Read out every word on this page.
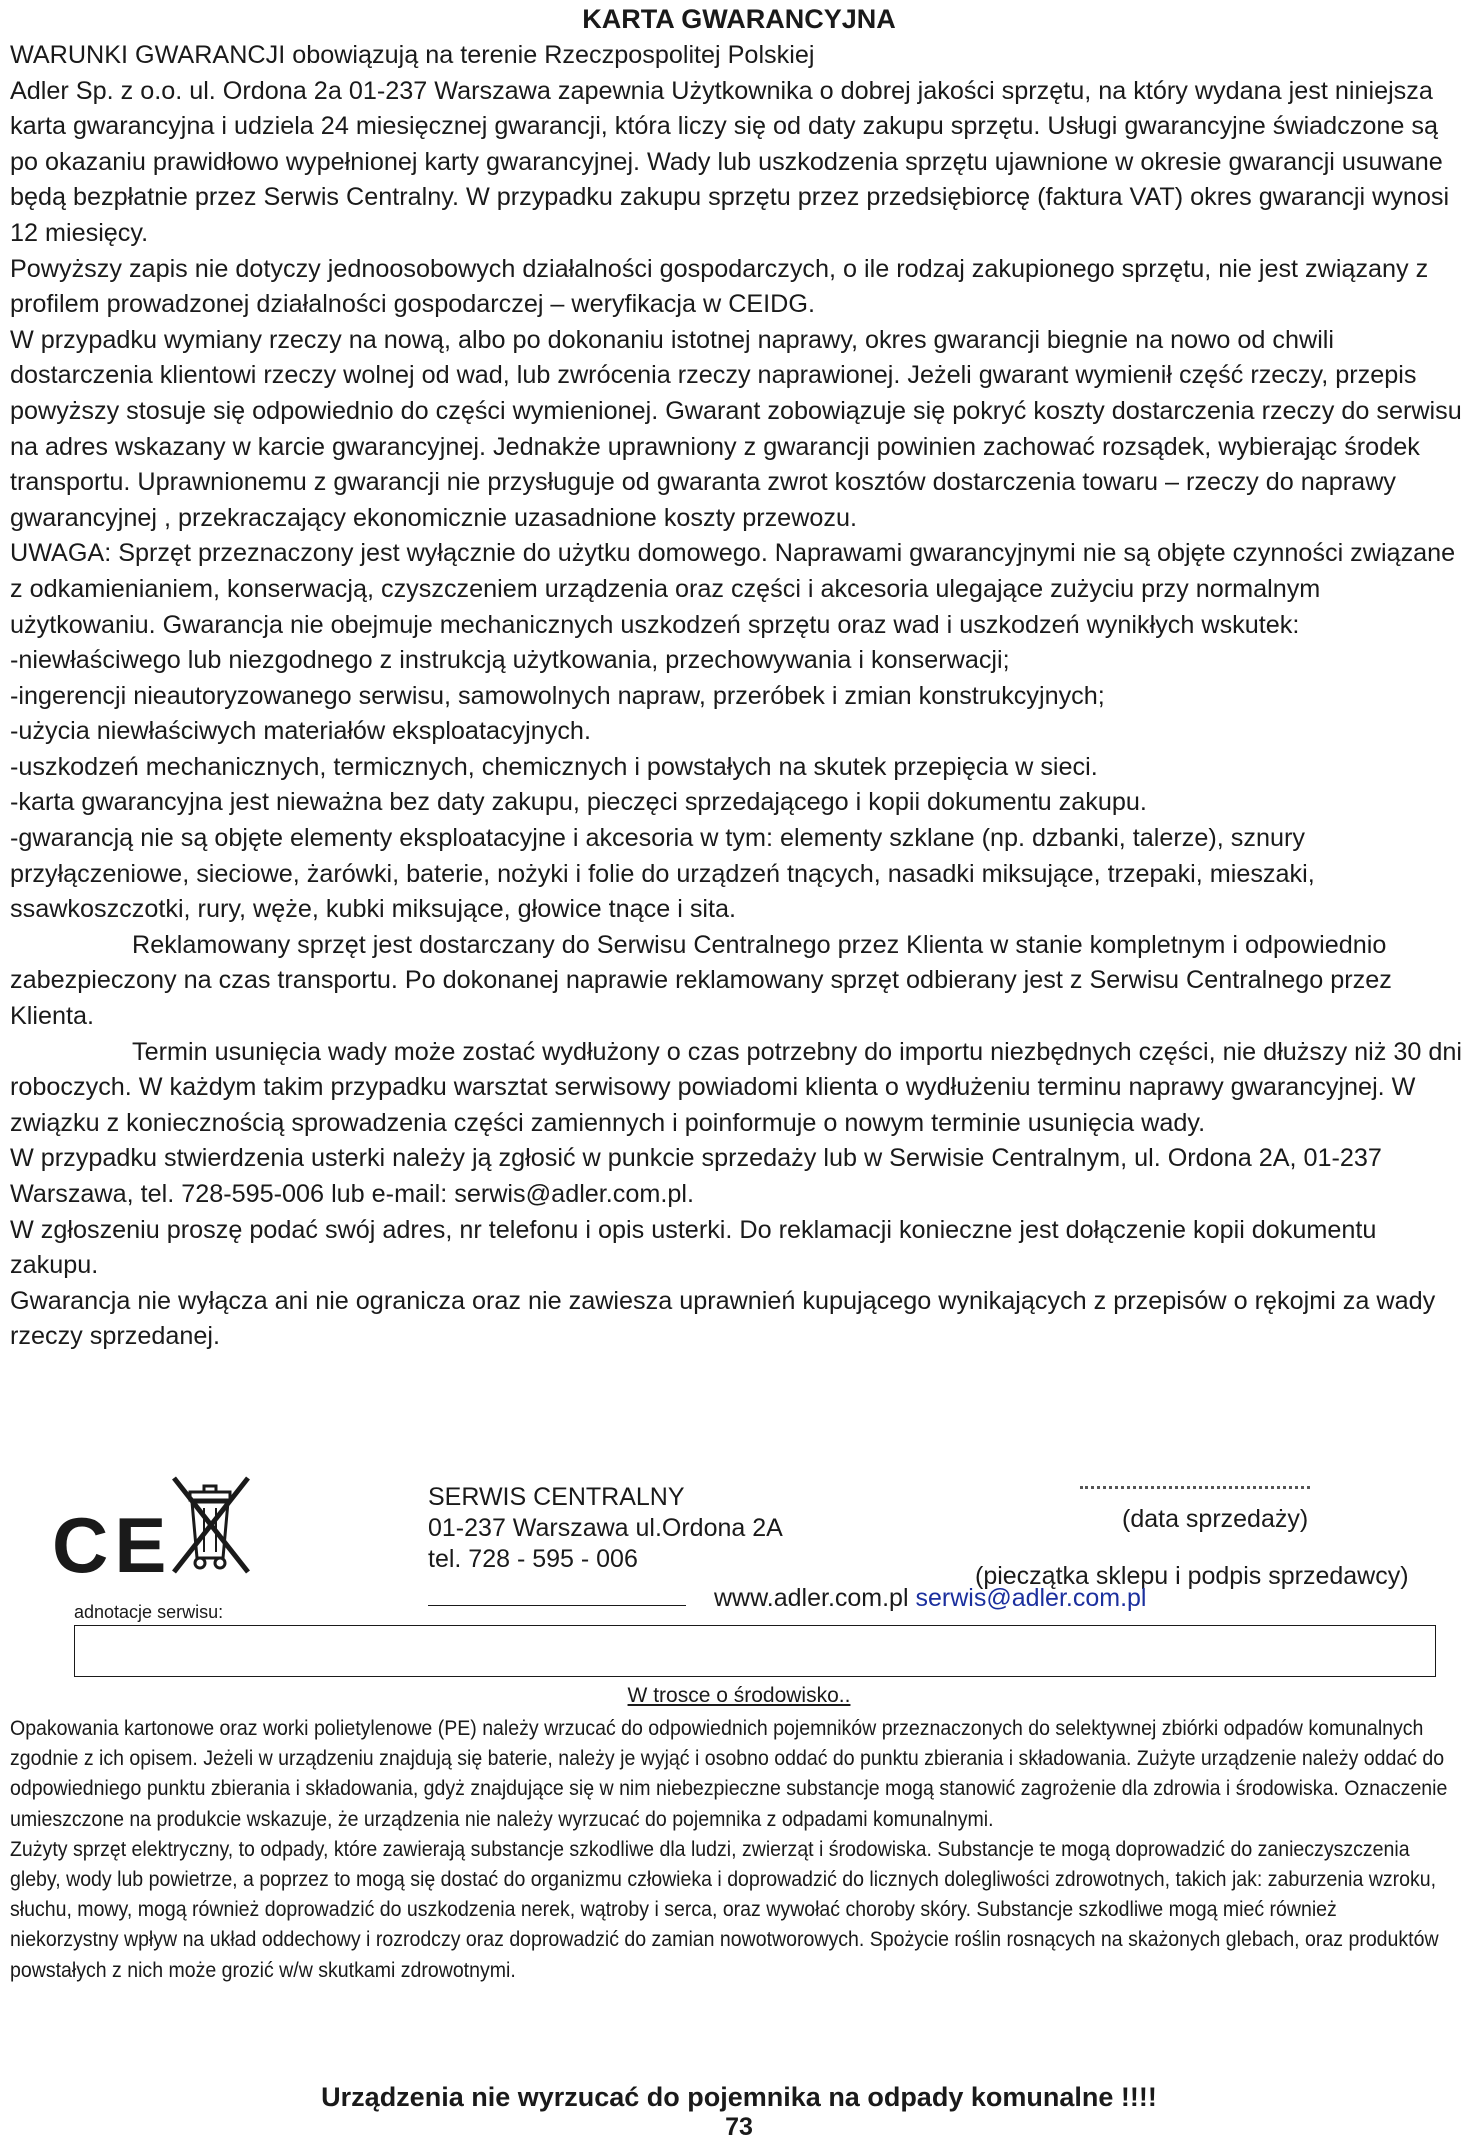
KARTA GWARANCYJNA

WARUNKI GWARANCJI obowiązują na terenie Rzeczpospolitej Polskiej

Adler Sp. z o.o. ul. Ordona 2a 01-237 Warszawa zapewnia Użytkownika o dobrej jakości sprzętu, na który wydana jest niniejsza karta gwarancyjna i udziela 24 miesięcznej gwarancji, która liczy się od daty zakupu sprzętu. Usługi gwarancyjne świadczone są po okazaniu prawidłowo wypełnionej karty gwarancyjnej. Wady lub uszkodzenia sprzętu ujawnione w okresie gwarancji usuwane będą bezpłatnie przez Serwis Centralny. W przypadku zakupu sprzętu przez przedsiębiorcę (faktura VAT) okres gwarancji wynosi 12 miesięcy.

Powyższy zapis nie dotyczy jednoosobowych działalności gospodarczych, o ile rodzaj zakupionego sprzętu, nie jest związany z profilem prowadzonej działalności gospodarczej – weryfikacja w CEIDG.

W przypadku wymiany rzeczy na nową, albo po dokonaniu istotnej naprawy, okres gwarancji biegnie na nowo od chwili dostarczenia klientowi rzeczy wolnej od wad, lub zwrócenia rzeczy naprawionej. Jeżeli gwarant wymienił część rzeczy, przepis powyższy stosuje się odpowiednio do części wymienionej. Gwarant zobowiązuje się pokryć koszty dostarczenia rzeczy do serwisu na adres wskazany w karcie gwarancyjnej. Jednakże uprawniony z gwarancji powinien zachować rozsądek, wybierając środek transportu. Uprawnionemu z gwarancji nie przysługuje od gwaranta zwrot kosztów dostarczenia towaru – rzeczy do naprawy gwarancyjnej , przekraczający ekonomicznie uzasadnione koszty przewozu.

UWAGA: Sprzęt przeznaczony jest wyłącznie do użytku domowego. Naprawami gwarancyjnymi nie są objęte czynności związane z odkamienianiem, konserwacją, czyszczeniem urządzenia oraz części i akcesoria ulegające zużyciu przy normalnym użytkowaniu. Gwarancja nie obejmuje mechanicznych uszkodzeń sprzętu oraz wad i uszkodzeń wynikłych wskutek:

-niewłaściwego lub niezgodnego z instrukcją użytkowania, przechowywania i konserwacji;

-ingerencji nieautoryzowanego serwisu, samowolnych napraw, przeróbek i zmian konstrukcyjnych;

-użycia niewłaściwych materiałów eksploatacyjnych.

-uszkodzeń mechanicznych, termicznych, chemicznych i powstałych na skutek przepięcia w sieci.

-karta gwarancyjna jest nieważna bez daty zakupu, pieczęci sprzedającego i kopii dokumentu zakupu.

-gwarancją nie są objęte elementy eksploatacyjne i akcesoria w tym: elementy szklane (np. dzbanki, talerze), sznury przyłączeniowe, sieciowe, żarówki, baterie, nożyki i folie do urządzeń tnących, nasadki miksujące, trzepaki, mieszaki, ssawkoszczotki, rury, węże, kubki miksujące, głowice tnące i sita.

Reklamowany sprzęt jest dostarczany do Serwisu Centralnego przez Klienta w stanie kompletnym i odpowiednio zabezpieczony na czas transportu. Po dokonanej naprawie reklamowany sprzęt odbierany jest z Serwisu Centralnego przez Klienta.

Termin usunięcia wady może zostać wydłużony o czas potrzebny do importu niezbędnych części, nie dłuższy niż 30 dni roboczych. W każdym takim przypadku warsztat serwisowy powiadomi klienta o wydłużeniu terminu naprawy gwarancyjnej. W związku z koniecznością sprowadzenia części zamiennych i poinformuje o nowym terminie usunięcia wady.

W przypadku stwierdzenia usterki należy ją zgłosić w punkcie sprzedaży lub w Serwisie Centralnym, ul. Ordona 2A, 01-237 Warszawa, tel. 728-595-006 lub e-mail: serwis@adler.com.pl.

W zgłoszeniu proszę podać swój adres, nr telefonu i opis usterki. Do reklamacji konieczne jest dołączenie kopii dokumentu zakupu.

Gwarancja nie wyłącza ani nie ogranicza oraz nie zawiesza uprawnień kupującego wynikających z przepisów o rękojmi za wady rzeczy sprzedanej.

CE
SERWIS CENTRALNY
01-237 Warszawa ul.Ordona 2A
tel. 728 - 595 - 006
(data sprzedaży)
(pieczątka sklepu i podpis sprzedawcy)
www.adler.com.pl serwis@adler.com.pl
adnotacje serwisu:
W trosce o środowisko..

Opakowania kartonowe oraz worki polietylenowe (PE) należy wrzucać do odpowiednich pojemników przeznaczonych do selektywnej zbiórki odpadów komunalnych zgodnie z ich opisem. Jeżeli w urządzeniu znajdują się baterie, należy je wyjąć i osobno oddać do punktu zbierania i składowania. Zużyte urządzenie należy oddać do odpowiedniego punktu zbierania i składowania, gdyż znajdujące się w nim niebezpieczne substancje mogą stanowić zagrożenie dla zdrowia i środowiska. Oznaczenie umieszczone na produkcie wskazuje, że urządzenia nie należy wyrzucać do pojemnika z odpadami komunalnymi.

Zużyty sprzęt elektryczny, to odpady, które zawierają substancje szkodliwe dla ludzi, zwierząt i środowiska. Substancje te mogą doprowadzić do zanieczyszczenia gleby, wody lub powietrze, a poprzez to mogą się dostać do organizmu człowieka i doprowadzić do licznych dolegliwości zdrowotnych, takich jak: zaburzenia wzroku, słuchu, mowy, mogą również doprowadzić do uszkodzenia nerek, wątroby i serca, oraz wywołać choroby skóry. Substancje szkodliwe mogą mieć również niekorzystny wpływ na układ oddechowy i rozrodczy oraz doprowadzić do zamian nowotworowych. Spożycie roślin rosnących na skażonych glebach, oraz produktów powstałych z nich może grozić w/w skutkami zdrowotnymi.

Urządzenia nie wyrzucać do pojemnika na odpady komunalne !!!!
73
